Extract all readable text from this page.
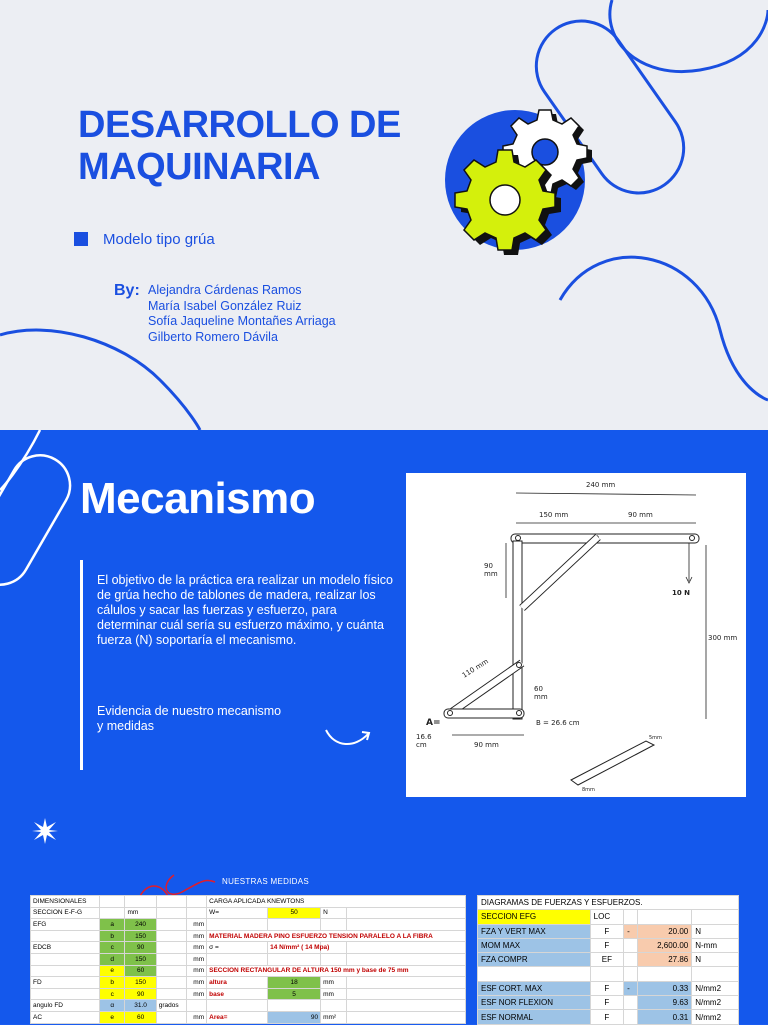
DESARROLLO DE
MAQUINARIA
Modelo tipo grúa
By: Alejandra Cárdenas Ramos
María Isabel González Ruiz
Sofía Jaqueline Montañes Arriaga
Gilberto Romero Dávila
Mecanismo
El objetivo de la práctica era realizar un modelo físico de grúa hecho de tablones de madera, realizar los cálulos y sacar las fuerzas y esfuerzo, para determinar cuál sería su esfuerzo máximo, y cuánta fuerza (N) soportaría el mecanismo.
Evidencia de nuestro mecanismo
y medidas
240 mm
150 mm	90 mm
10 N
90
mm
300 mm
110 mm
60
mm
A=	B = 26.6 cm
16.6
cm	90 mm
5mm
8mm
NUESTRAS MEDIDAS
DIMENSIONALES					CARGA APLICADA KNEWTONS			
SECCION E-F-G		mm			W=	50	N	
EFG	a	240		mm				
	b	150		mm	MATERIAL MADERA PINO ESFUERZO TENSION PARALELO A LA FIBRA			
EDCB	c	90		mm	σ =	14 N/mm² ( 14 Mpa)		
	d	150		mm				
	e	60		mm	SECCION RECTANGULAR DE ALTURA 150 mm y base de 75 mm			
FD	b	150		mm	altura	18	mm	
	c	90		mm	base	5	mm	
angulo FD	α	31.0	grados					
AC	e	60		mm	Area=	90	mm²	
DIAGRAMAS DE FUERZAS Y ESFUERZOS.				
SECCION EFG	LOC			
FZA Y VERT MAX	F	-	20.00	N
MOM MAX	F		2,600.00	N-mm
FZA COMPR	EF		27.86	N

ESF CORT. MAX	F	-	0.33	N/mm2
ESF NOR FLEXION	F		9.63	N/mm2
ESF NORMAL	F		0.31	N/mm2
